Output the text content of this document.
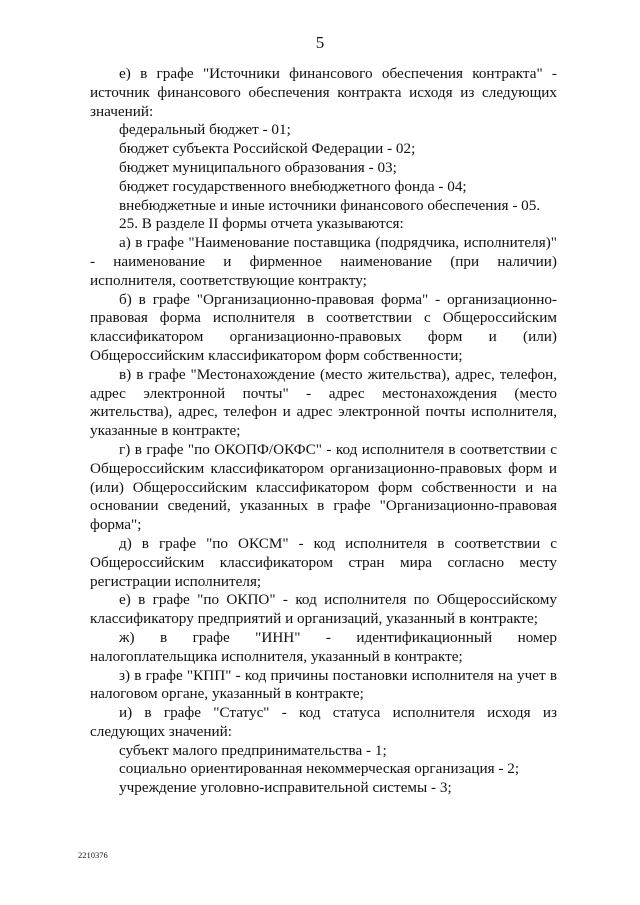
5

е) в графе "Источники финансового обеспечения контракта" - источник финансового обеспечения контракта исходя из следующих значений:

федеральный бюджет - 01;

бюджет субъекта Российской Федерации - 02;

бюджет муниципального образования - 03;

бюджет государственного внебюджетного фонда - 04;

внебюджетные и иные источники финансового обеспечения - 05.

25. В разделе II формы отчета указываются:

а) в графе "Наименование поставщика (подрядчика, исполнителя)" - наименование и фирменное наименование (при наличии) исполнителя, соответствующие контракту;

б) в графе "Организационно-правовая форма" - организационно-правовая форма исполнителя в соответствии с Общероссийским классификатором организационно-правовых форм и (или) Общероссийским классификатором форм собственности;

в) в графе "Местонахождение (место жительства), адрес, телефон, адрес электронной почты" - адрес местонахождения (место жительства), адрес, телефон и адрес электронной почты исполнителя, указанные в контракте;

г) в графе "по ОКОПФ/ОКФС" - код исполнителя в соответствии с Общероссийским классификатором организационно-правовых форм и (или) Общероссийским классификатором форм собственности и на основании сведений, указанных в графе "Организационно-правовая форма";

д) в графе "по ОКСМ" - код исполнителя в соответствии с Общероссийским классификатором стран мира согласно месту регистрации исполнителя;

е) в графе "по ОКПО" - код исполнителя по Общероссийскому классификатору предприятий и организаций, указанный в контракте;

ж) в графе "ИНН" - идентификационный номер налогоплательщика исполнителя, указанный в контракте;

з) в графе "КПП" - код причины постановки исполнителя на учет в налоговом органе, указанный в контракте;

и) в графе "Статус" - код статуса исполнителя исходя из следующих значений:

субъект малого предпринимательства - 1;

социально ориентированная некоммерческая организация - 2;

учреждение уголовно-исправительной системы - 3;

2210376
